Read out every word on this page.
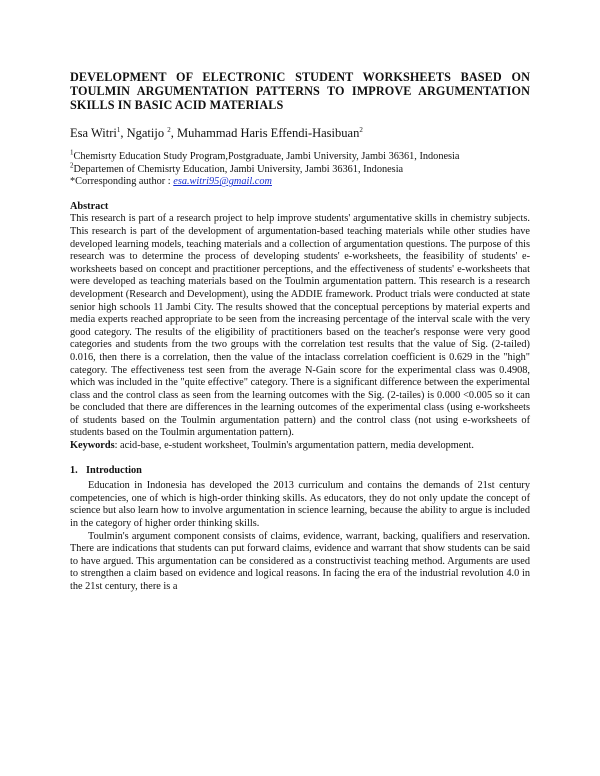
DEVELOPMENT OF ELECTRONIC STUDENT WORKSHEETS BASED ON TOULMIN ARGUMENTATION PATTERNS TO IMPROVE ARGUMENTATION SKILLS IN BASIC ACID MATERIALS
Esa Witri$^1$, Ngatijo $^2$, Muhammad Haris Effendi-Hasibuan$^2$
$^1$Chemisrty Education Study Program,Postgraduate, Jambi University, Jambi 36361, Indonesia
$^2$Departemen of Chemisrty Education, Jambi University, Jambi 36361, Indonesia
*Corresponding author : esa.witri95@gmail.com
Abstract
This research is part of a research project to help improve students' argumentative skills in chemistry subjects. This research is part of the development of argumentation-based teaching materials while other studies have developed learning models, teaching materials and a collection of argumentation questions. The purpose of this research was to determine the process of developing students' e-worksheets, the feasibility of students' e-worksheets based on concept and practitioner perceptions, and the effectiveness of students' e-worksheets that were developed as teaching materials based on the Toulmin argumentation pattern. This research is a research development (Research and Development), using the ADDIE framework. Product trials were conducted at state senior high schools 11 Jambi City. The results showed that the conceptual perceptions by material experts and media experts reached appropriate to be seen from the increasing percentage of the interval scale with the very good category. The results of the eligibility of practitioners based on the teacher's response were very good categories and students from the two groups with the correlation test results that the value of Sig. (2-tailed) 0.016, then there is a correlation, then the value of the intaclass correlation coefficient is 0.629 in the "high" category. The effectiveness test seen from the average N-Gain score for the experimental class was 0.4908, which was included in the "quite effective" category. There is a significant difference between the experimental class and the control class as seen from the learning outcomes with the Sig. (2-tailes) is 0.000 <0.005 so it can be concluded that there are differences in the learning outcomes of the experimental class (using e-worksheets of students based on the Toulmin argumentation pattern) and the control class (not using e-worksheets of students based on the Toulmin argumentation pattern).
Keywords: acid-base, e-student worksheet, Toulmin's argumentation pattern, media development.
1. Introduction

Education in Indonesia has developed the 2013 curriculum and contains the demands of 21st century competencies, one of which is high-order thinking skills. As educators, they do not only update the concept of science but also learn how to involve argumentation in science learning, because the ability to argue is included in the category of higher order thinking skills.

Toulmin's argument component consists of claims, evidence, warrant, backing, qualifiers and reservation. There are indications that students can put forward claims, evidence and warrant that show students can be said to have argued. This argumentation can be considered as a constructivist teaching method. Arguments are used to strengthen a claim based on evidence and logical reasons. In facing the era of the industrial revolution 4.0 in the 21st century, there is a
